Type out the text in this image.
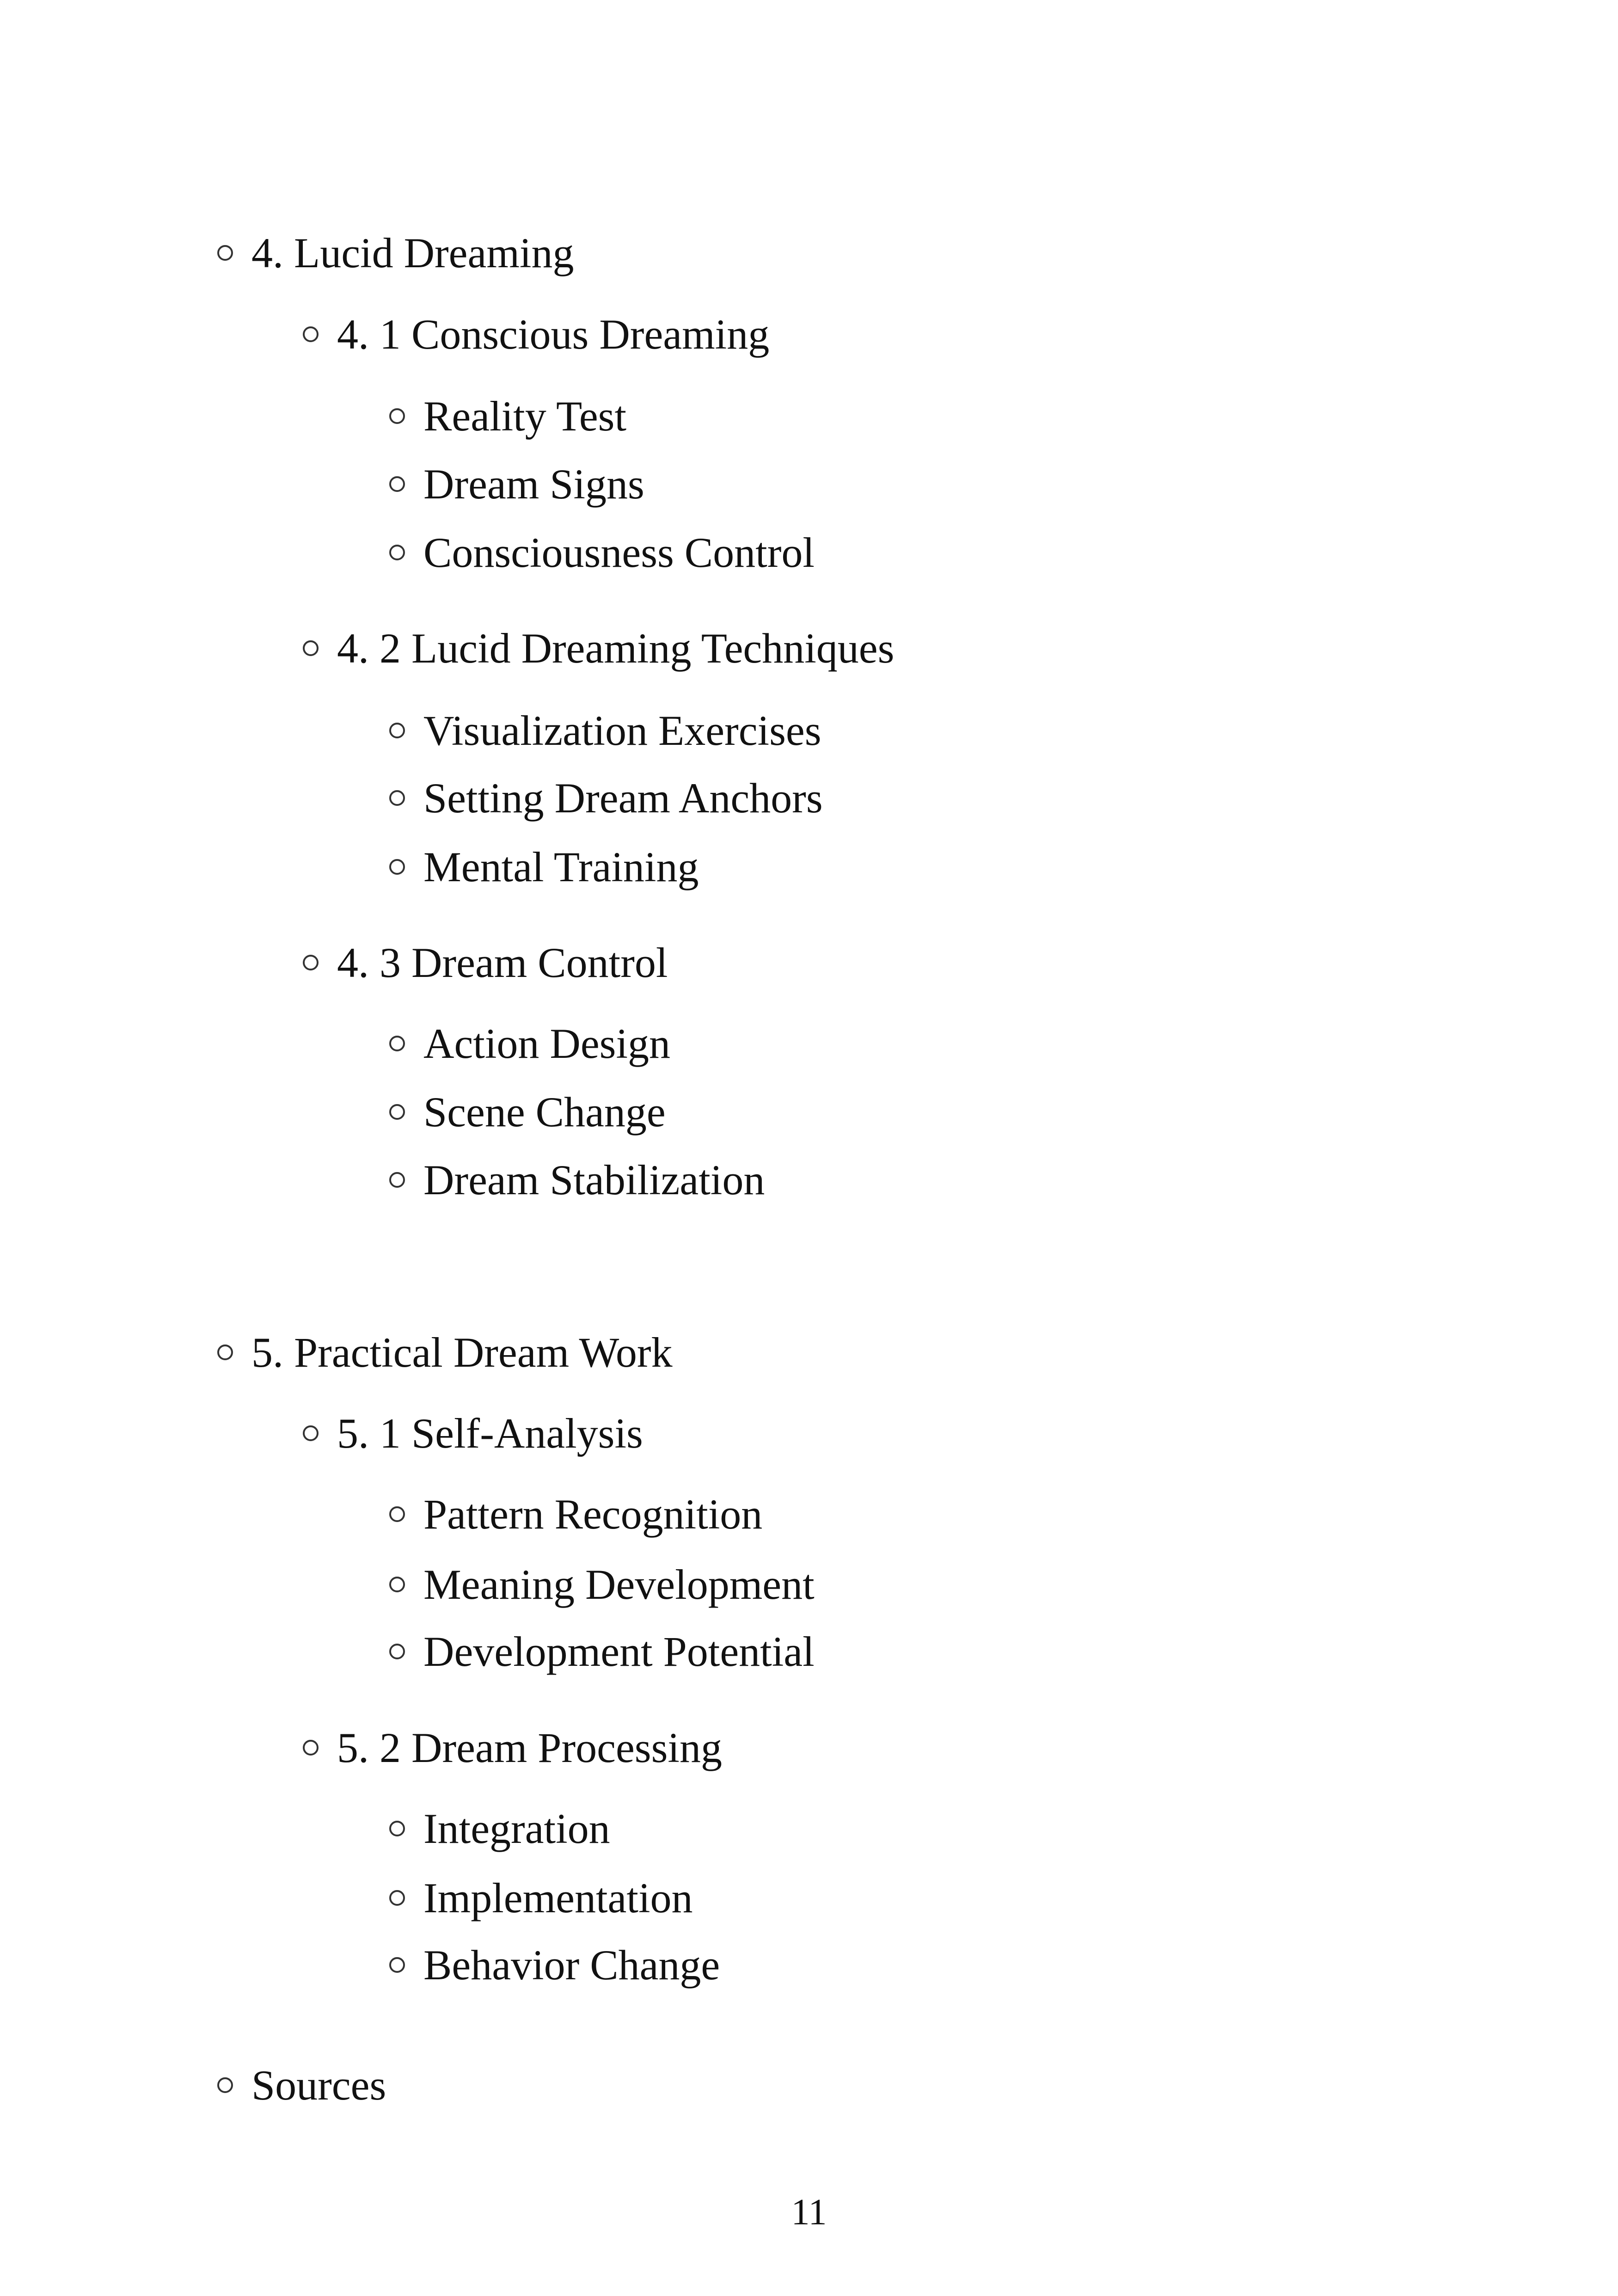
4. Lucid Dreaming
4. 1 Conscious Dreaming
Reality Test
Dream Signs
Consciousness Control
4. 2 Lucid Dreaming Techniques
Visualization Exercises
Setting Dream Anchors
Mental Training
4. 3 Dream Control
Action Design
Scene Change
Dream Stabilization
5. Practical Dream Work
5. 1 Self-Analysis
Pattern Recognition
Meaning Development
Development Potential
5. 2 Dream Processing
Integration
Implementation
Behavior Change
Sources
11
